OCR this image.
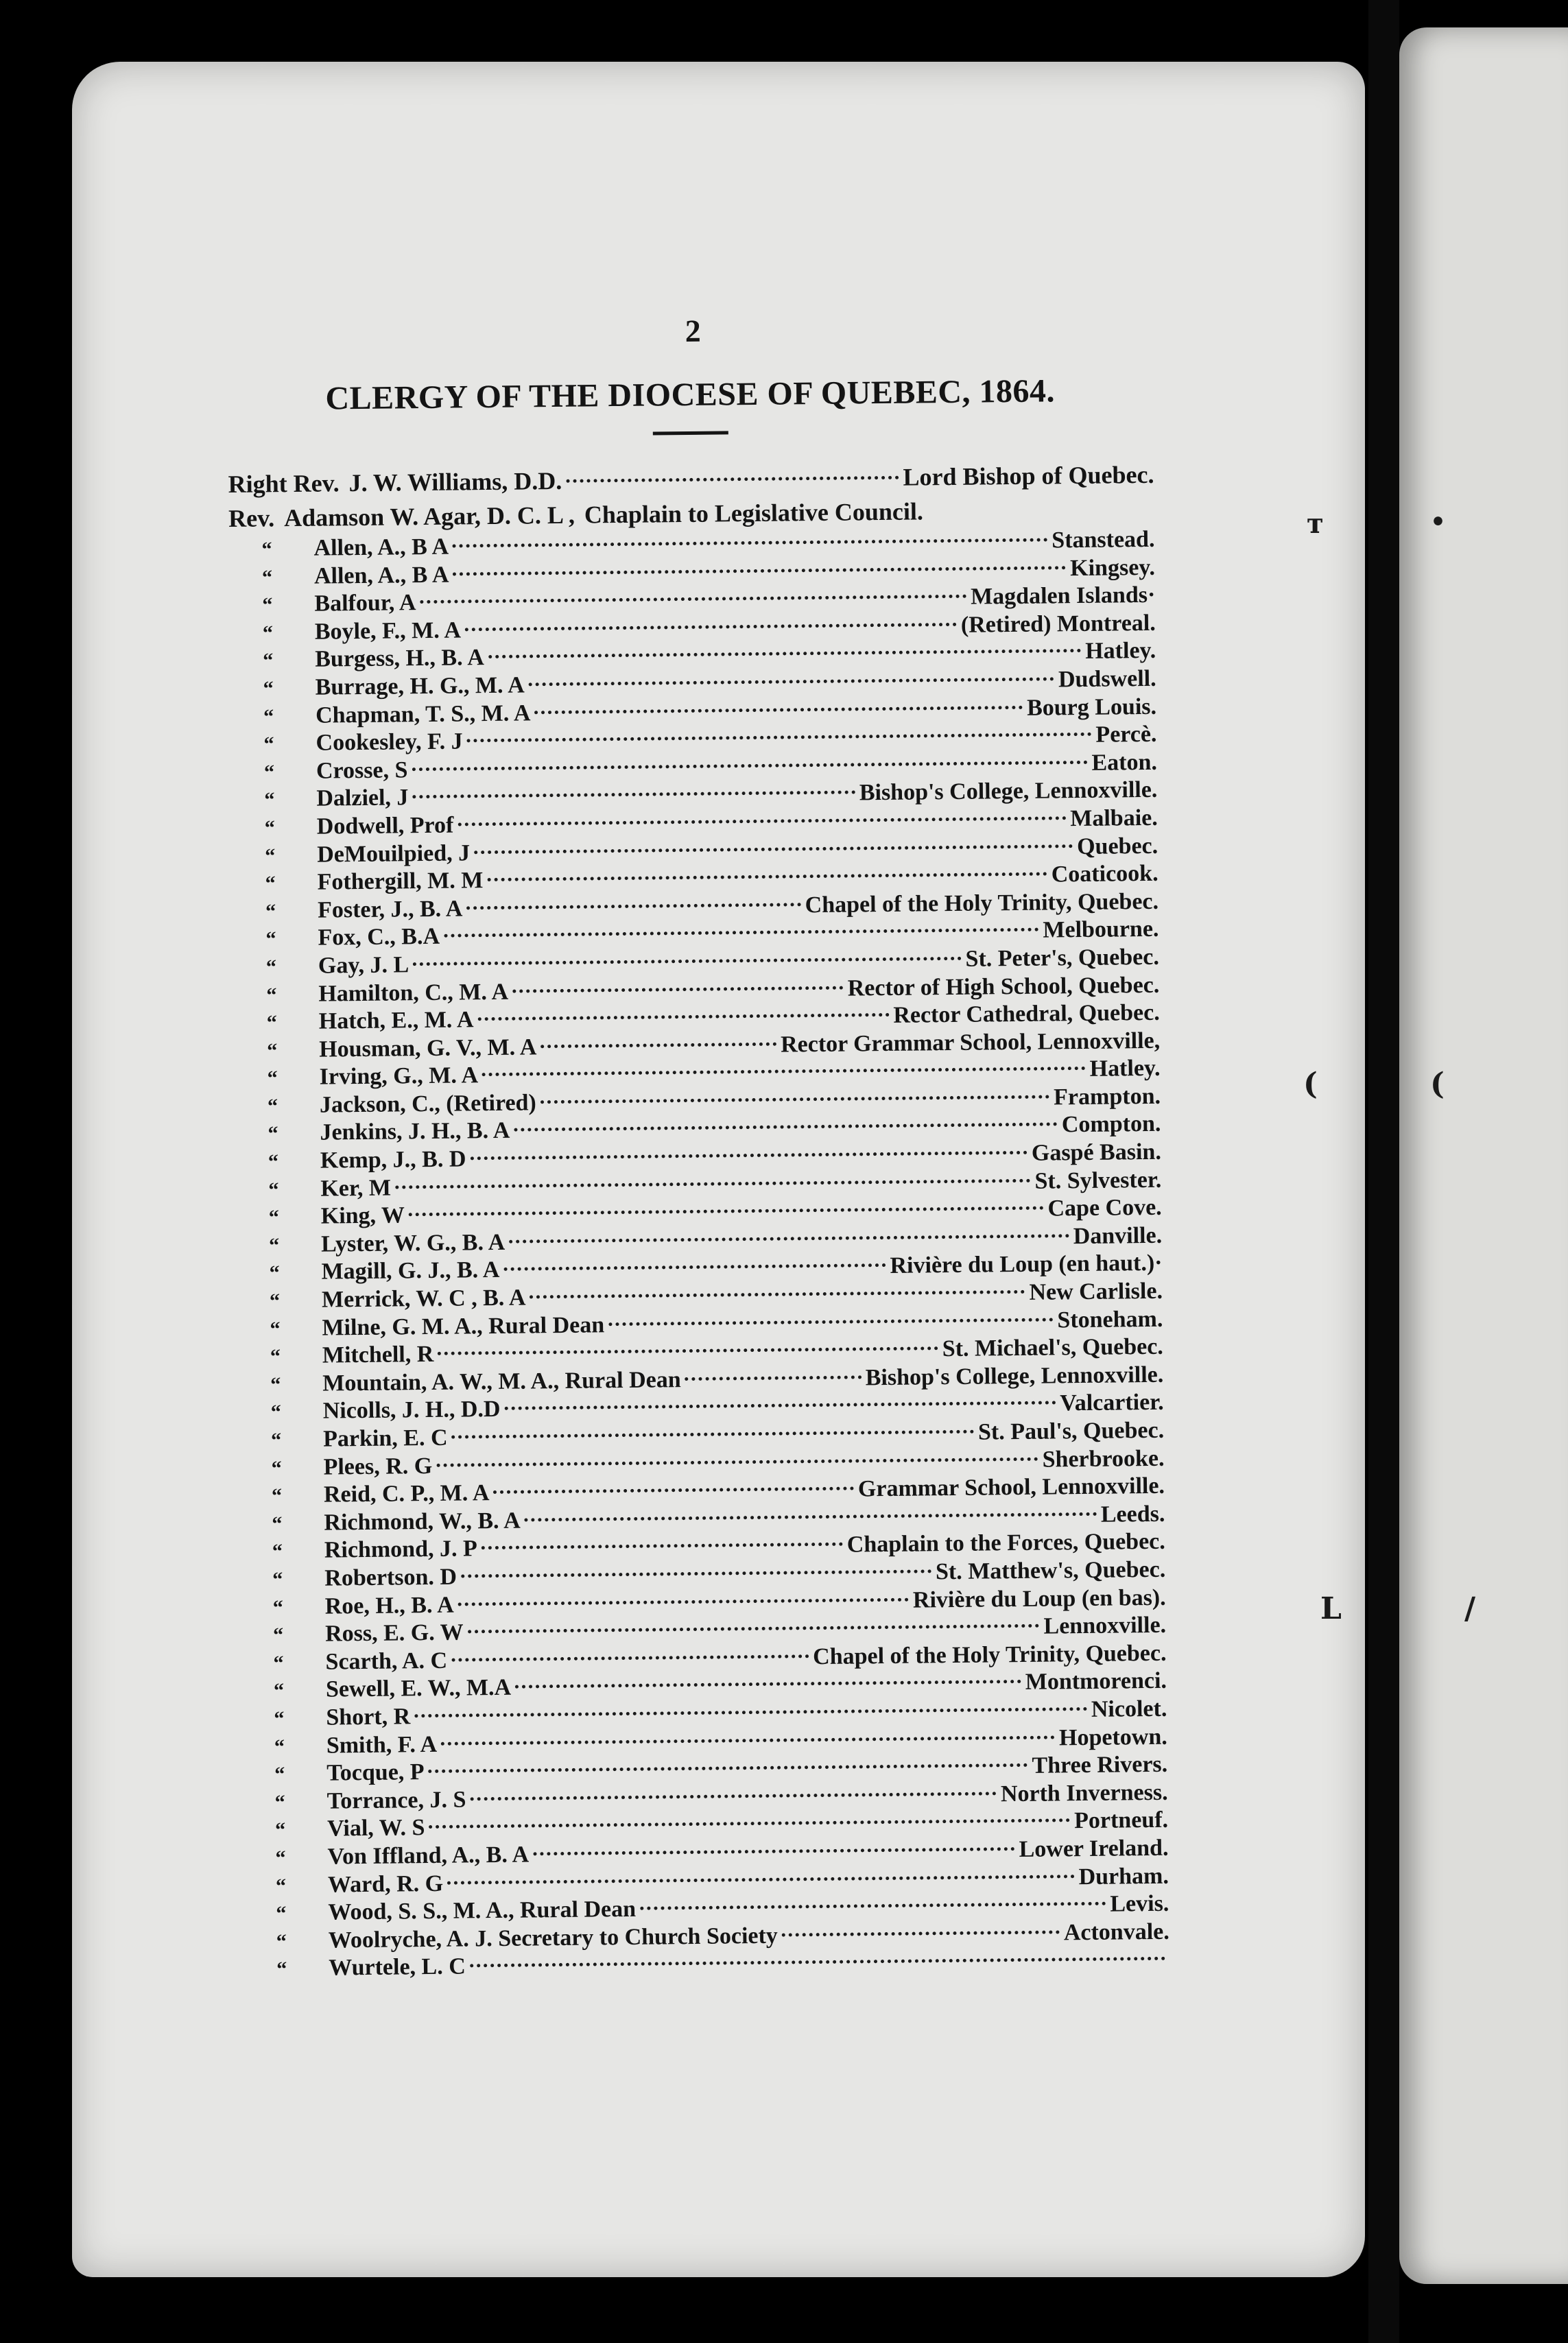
ᴛ	•
(	(
L	/
2
CLERGY OF THE DIOCESE OF QUEBEC, 1864.
Right Rev. J. W. Williams, D.D.	Lord Bishop of Quebec.
Rev. Adamson W. Agar, D. C. L , Chaplain to Legislative Council.
“	Allen, A., B A	Stanstead.
“	Allen, A., B A	Kingsey.
“	Balfour, A	Magdalen Islands·
“	Boyle, F., M. A	(Retired) Montreal.
“	Burgess, H., B. A	Hatley.
“	Burrage, H. G., M. A	Dudswell.
“	Chapman, T. S., M. A	Bourg Louis.
“	Cookesley, F. J	Percè.
“	Crosse, S	Eaton.
“	Dalziel, J	Bishop's College, Lennoxville.
“	Dodwell, Prof	Malbaie.
“	DeMouilpied, J	Quebec.
“	Fothergill, M. M	Coaticook.
“	Foster, J., B. A	Chapel of the Holy Trinity, Quebec.
“	Fox, C., B.A	Melbourne.
“	Gay, J. L	St. Peter's, Quebec.
“	Hamilton, C., M. A	Rector of High School, Quebec.
“	Hatch, E., M. A	Rector Cathedral, Quebec.
“	Housman, G. V., M. A	Rector Grammar School, Lennoxville,
“	Irving, G., M. A	Hatley.
“	Jackson, C., (Retired)	Frampton.
“	Jenkins, J. H., B. A	Compton.
“	Kemp, J., B. D	Gaspé Basin.
“	Ker, M	St. Sylvester.
“	King, W	Cape Cove.
“	Lyster, W. G., B. A	Danville.
“	Magill, G. J., B. A	Rivière du Loup (en haut.)·
“	Merrick, W. C , B. A	New Carlisle.
“	Milne, G. M. A., Rural Dean	Stoneham.
“	Mitchell, R	St. Michael's, Quebec.
“	Mountain, A. W., M. A., Rural Dean	Bishop's College, Lennoxville.
“	Nicolls, J. H., D.D	Valcartier.
“	Parkin, E. C	St. Paul's, Quebec.
“	Plees, R. G	Sherbrooke.
“	Reid, C. P., M. A	Grammar School, Lennoxville.
“	Richmond, W., B. A	Leeds.
“	Richmond, J. P	Chaplain to the Forces, Quebec.
“	Robertson. D	St. Matthew's, Quebec.
“	Roe, H., B. A	Rivière du Loup (en bas).
“	Ross, E. G. W	Lennoxville.
“	Scarth, A. C	Chapel of the Holy Trinity, Quebec.
“	Sewell, E. W., M.A	Montmorenci.
“	Short, R	Nicolet.
“	Smith, F. A	Hopetown.
“	Tocque, P	Three Rivers.
“	Torrance, J. S	North Inverness.
“	Vial, W. S	Portneuf.
“	Von Iffland, A., B. A	Lower Ireland.
“	Ward, R. G	Durham.
“	Wood, S. S., M. A., Rural Dean	Levis.
“	Woolryche, A. J. Secretary to Church Society	Actonvale.
“	Wurtele, L. C
